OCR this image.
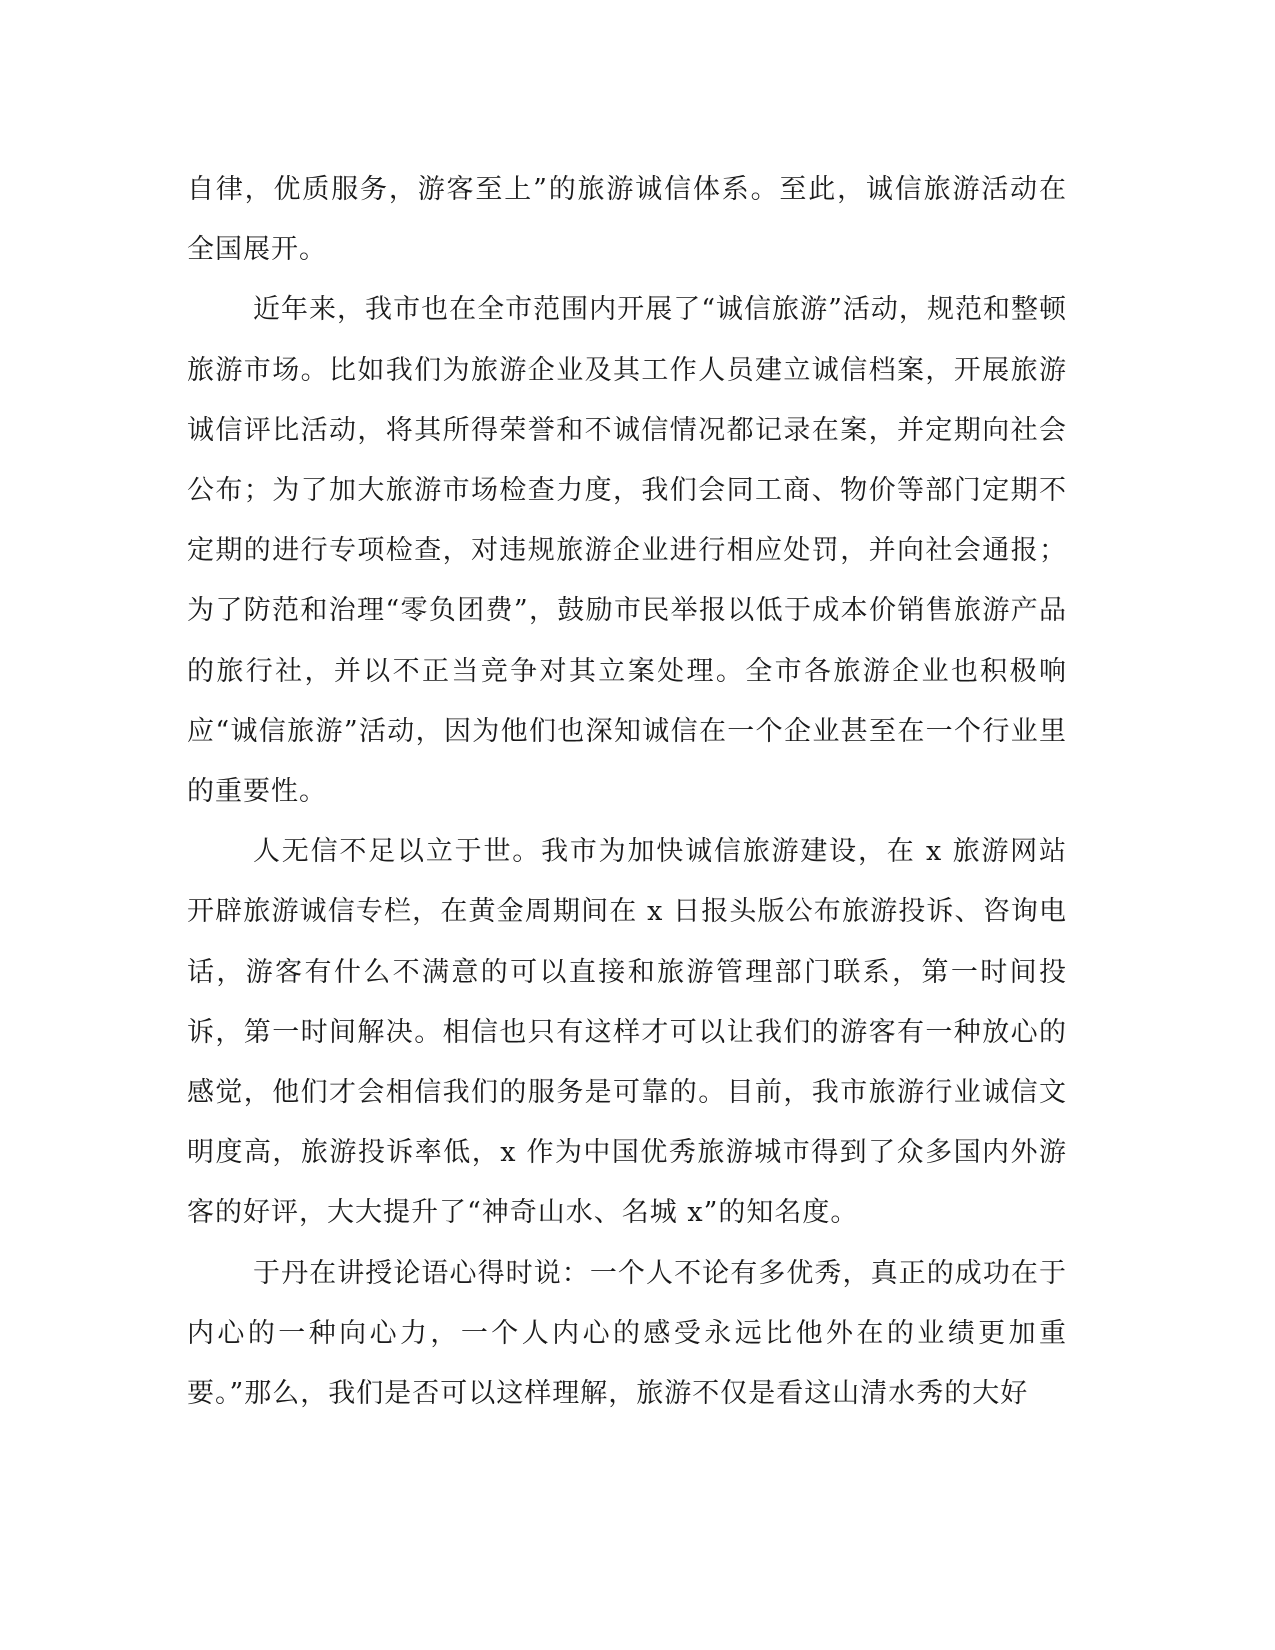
自律，优质服务，游客至上”的旅游诚信体系。至此，诚信旅游活动在全国展开。

近年来，我市也在全市范围内开展了“诚信旅游”活动，规范和整顿旅游市场。比如我们为旅游企业及其工作人员建立诚信档案，开展旅游诚信评比活动，将其所得荣誉和不诚信情况都记录在案，并定期向社会公布；为了加大旅游市场检查力度，我们会同工商、物价等部门定期不定期的进行专项检查，对违规旅游企业进行相应处罚，并向社会通报；为了防范和治理“零负团费”，鼓励市民举报以低于成本价销售旅游产品的旅行社，并以不正当竞争对其立案处理。全市各旅游企业也积极响应“诚信旅游”活动，因为他们也深知诚信在一个企业甚至在一个行业里的重要性。

人无信不足以立于世。我市为加快诚信旅游建设，在 x 旅游网站开辟旅游诚信专栏，在黄金周期间在 x 日报头版公布旅游投诉、咨询电话，游客有什么不满意的可以直接和旅游管理部门联系，第一时间投诉，第一时间解决。相信也只有这样才可以让我们的游客有一种放心的感觉，他们才会相信我们的服务是可靠的。目前，我市旅游行业诚信文明度高，旅游投诉率低，x 作为中国优秀旅游城市得到了众多国内外游客的好评，大大提升了“神奇山水、名城 x”的知名度。

于丹在讲授论语心得时说：一个人不论有多优秀，真正的成功在于内心的一种向心力，一个人内心的感受永远比他外在的业绩更加重要。”那么，我们是否可以这样理解，旅游不仅是看这山清水秀的大好
